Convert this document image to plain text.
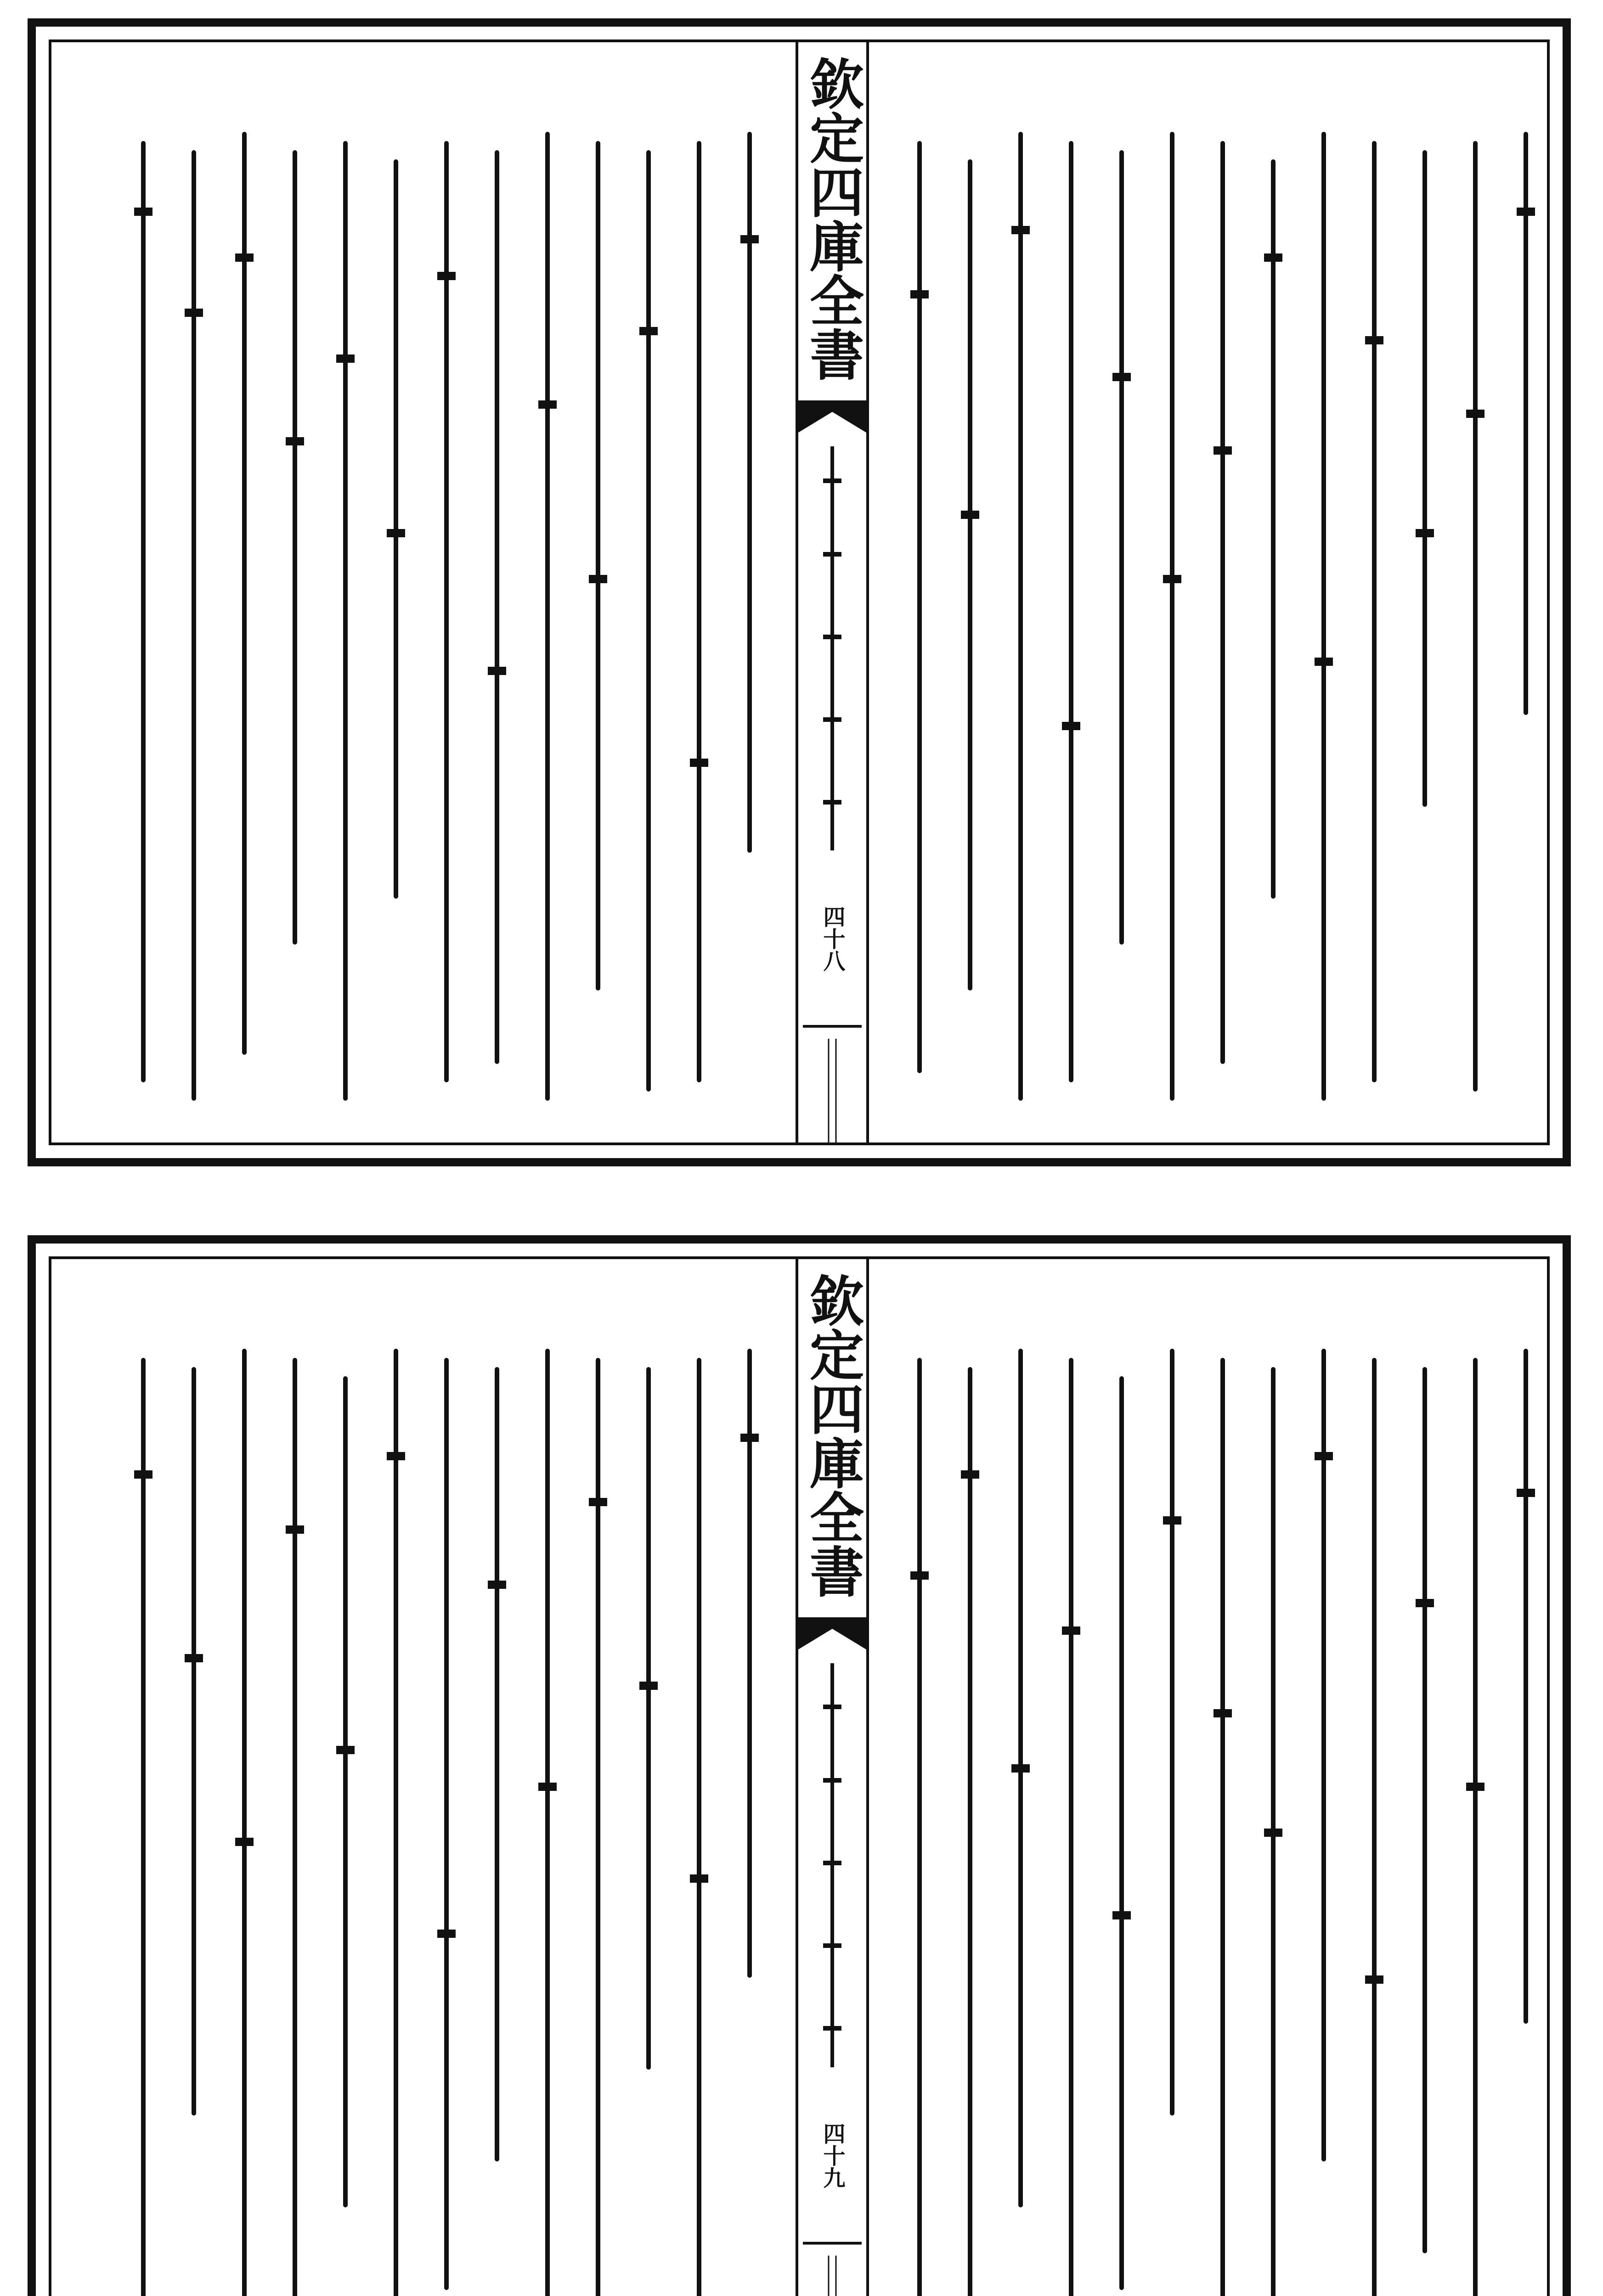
欽
定
四
庫
全
書
四十八
欽
定
四
庫
全
書
四十九
